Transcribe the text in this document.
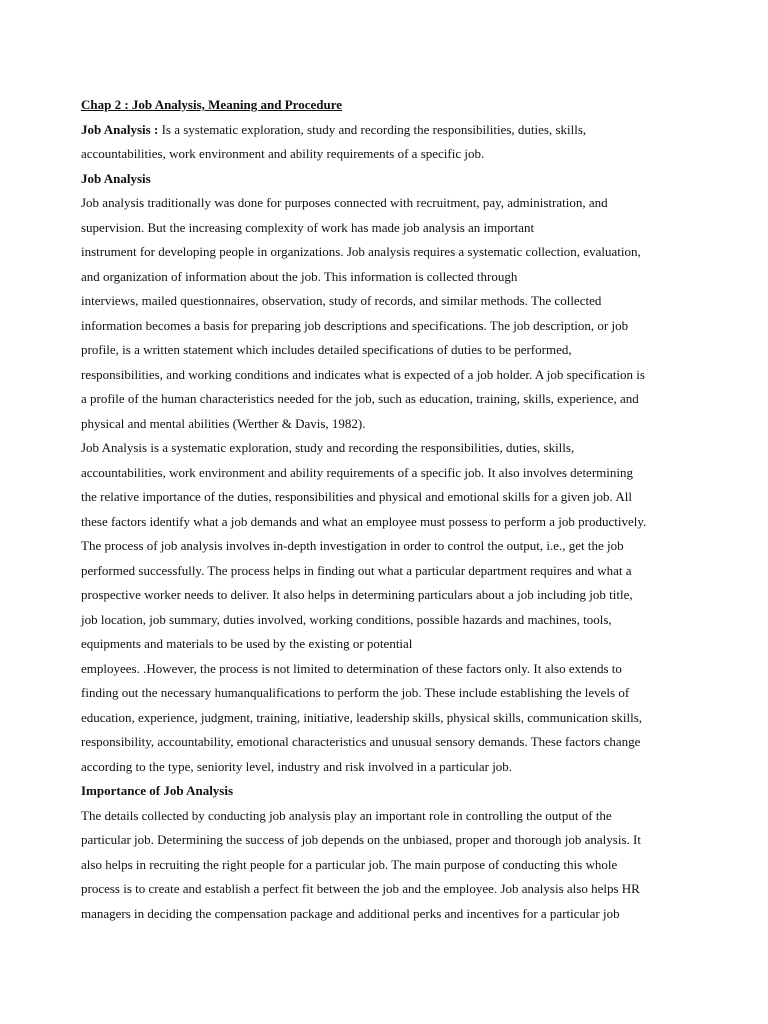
Chap 2 : Job Analysis, Meaning and Procedure
Job Analysis : Is a systematic exploration, study and recording the responsibilities, duties, skills,
accountabilities, work environment and ability requirements of a specific job.
Job Analysis
Job analysis traditionally was done for purposes connected with recruitment, pay, administration, and
supervision. But the increasing complexity of work has made job analysis an important
instrument for developing people in organizations. Job analysis requires a systematic collection, evaluation,
and organization of information about the job. This information is collected through
interviews, mailed questionnaires, observation, study of records, and similar methods. The collected
information becomes a basis for preparing job descriptions and specifications. The job description, or job
profile, is a written statement which includes detailed specifications of duties to be performed,
responsibilities, and working conditions and indicates what is expected of a job holder. A job specification is
a profile of the human characteristics needed for the job, such as education, training, skills, experience, and
physical and mental abilities (Werther & Davis, 1982).
Job Analysis is a systematic exploration, study and recording the responsibilities, duties, skills,
accountabilities, work environment and ability requirements of a specific job. It also involves determining
the relative importance of the duties, responsibilities and physical and emotional skills for a given job. All
these factors identify what a job demands and what an employee must possess to perform a job productively.
The process of job analysis involves in-depth investigation in order to control the output, i.e., get the job
performed successfully. The process helps in finding out what a particular department requires and what a
prospective worker needs to deliver. It also helps in determining particulars about a job including job title,
job location, job summary, duties involved, working conditions, possible hazards and machines, tools,
equipments and materials to be used by the existing or potential
employees. .However, the process is not limited to determination of these factors only. It also extends to
finding out the necessary humanqualifications to perform the job. These include establishing the levels of
education, experience, judgment, training, initiative, leadership skills, physical skills, communication skills,
responsibility, accountability, emotional characteristics and unusual sensory demands. These factors change
according to the type, seniority level, industry and risk involved in a particular job.
Importance of Job Analysis
The details collected by conducting job analysis play an important role in controlling the output of the
particular job. Determining the success of job depends on the unbiased, proper and thorough job analysis. It
also helps in recruiting the right people for a particular job. The main purpose of conducting this whole
process is to create and establish a perfect fit between the job and the employee. Job analysis also helps HR
managers in deciding the compensation package and additional perks and incentives for a particular job
